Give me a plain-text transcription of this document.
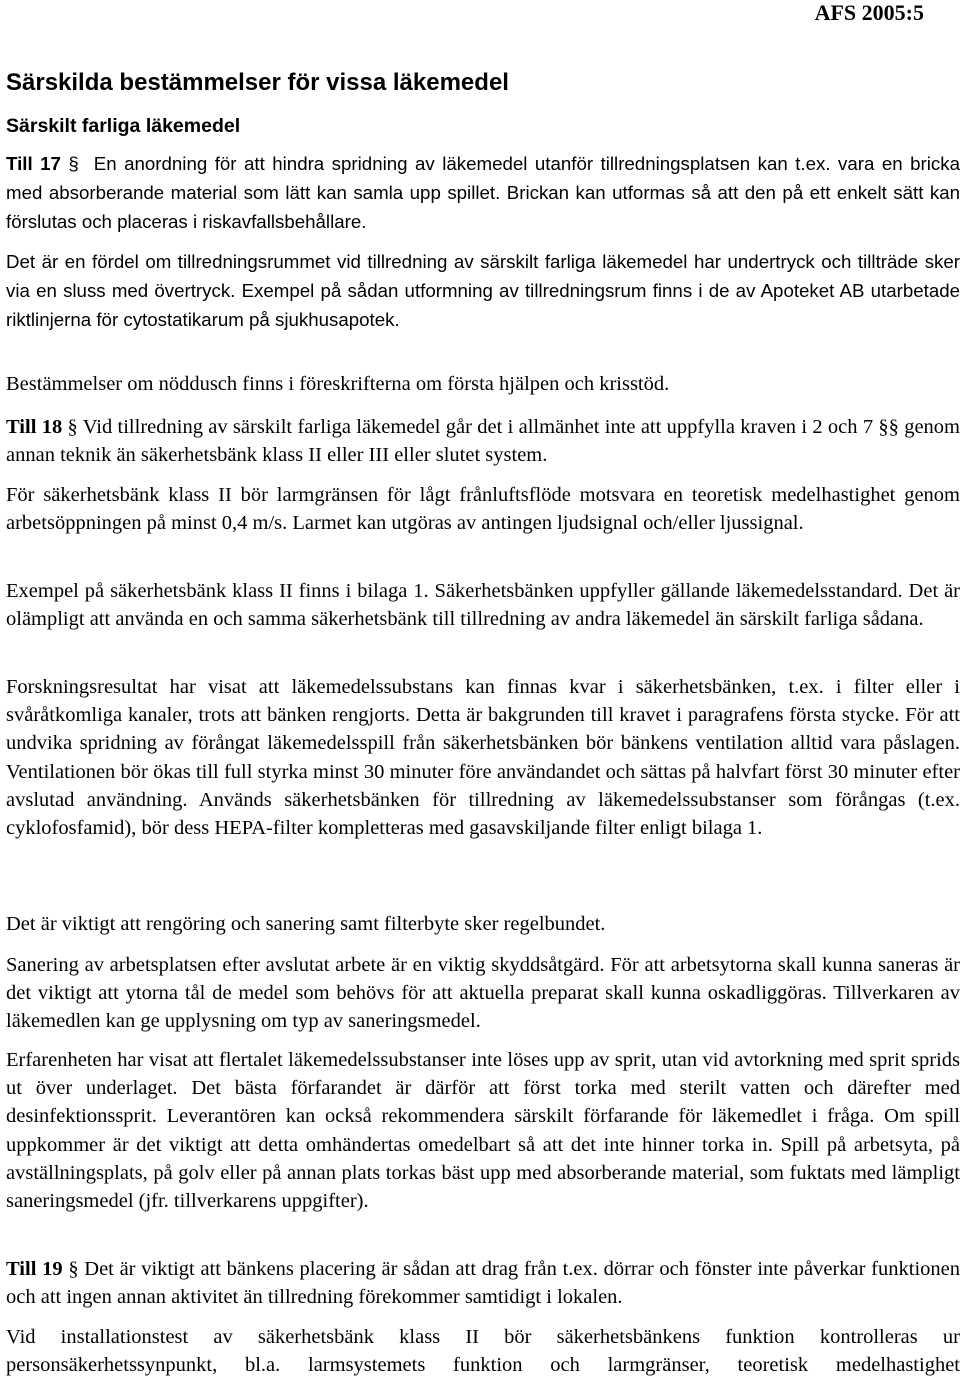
AFS 2005:5
Särskilda bestämmelser för vissa läkemedel
Särskilt farliga läkemedel

Till 17 §  En anordning för att hindra spridning av läkemedel utanför tillredningsplatsen kan t.ex. vara en bricka med absorberande material som lätt kan samla upp spillet. Brickan kan utformas så att den på ett enkelt sätt kan förslutas och placeras i riskavfallsbehållare.

Det är en fördel om tillredningsrummet vid tillredning av särskilt farliga läkemedel har undertryck och tillträde sker via en sluss med övertryck. Exempel på sådan utformning av tillredningsrum finns i de av Apoteket AB utarbetade riktlinjerna för cytostatikarum på sjukhusapotek.

Bestämmelser om nöddusch finns i föreskrifterna om första hjälpen och krisstöd.

Till 18 § Vid tillredning av särskilt farliga läkemedel går det i allmänhet inte att uppfylla kraven i 2 och 7 §§ genom annan teknik än säkerhetsbänk klass II eller III eller slutet system.

För säkerhetsbänk klass II bör larmgränsen för lågt frånluftsflöde motsvara en teoretisk medelhastighet genom arbetsöppningen på minst 0,4 m/s. Larmet kan utgöras av antingen ljudsignal och/eller ljussignal.

Exempel på säkerhetsbänk klass II finns i bilaga 1. Säkerhetsbänken uppfyller gällande läkemedelsstandard. Det är olämpligt att använda en och samma säkerhetsbänk till tillredning av andra läkemedel än särskilt farliga sådana.

Forskningsresultat har visat att läkemedelssubstans kan finnas kvar i säkerhetsbänken, t.ex. i filter eller i svåråtkomliga kanaler, trots att bänken rengjorts. Detta är bakgrunden till kravet i paragrafens första stycke. För att undvika spridning av förångat läkemedelsspill från säkerhetsbänken bör bänkens ventilation alltid vara påslagen. Ventilationen bör ökas till full styrka minst 30 minuter före användandet och sättas på halvfart först 30 minuter efter avslutad användning. Används säkerhetsbänken för tillredning av läkemedelssubstanser som förångas (t.ex. cyklofosfamid), bör dess HEPA-filter kompletteras med gasavskiljande filter enligt bilaga 1.

Det är viktigt att rengöring och sanering samt filterbyte sker regelbundet.

Sanering av arbetsplatsen efter avslutat arbete är en viktig skyddsåtgärd. För att arbetsytorna skall kunna saneras är det viktigt att ytorna tål de medel som behövs för att aktuella preparat skall kunna oskadliggöras. Tillverkaren av läkemedlen kan ge upplysning om typ av saneringsmedel.

Erfarenheten har visat att flertalet läkemedelssubstanser inte löses upp av sprit, utan vid avtorkning med sprit sprids ut över underlaget. Det bästa förfarandet är därför att först torka med sterilt vatten och därefter med desinfektionssprit. Leverantören kan också rekommendera särskilt förfarande för läkemedlet i fråga. Om spill uppkommer är det viktigt att detta omhändertas omedelbart så att det inte hinner torka in. Spill på arbetsyta, på avställningsplats, på golv eller på annan plats torkas bäst upp med absorberande material, som fuktats med lämpligt saneringsmedel (jfr. tillverkarens uppgifter).

Till 19 § Det är viktigt att bänkens placering är sådan att drag från t.ex. dörrar och fönster inte påverkar funktionen och att ingen annan aktivitet än tillredning förekommer samtidigt i lokalen.

Vid installationstest av säkerhetsbänk klass II bör säkerhetsbänkens funktion kontrolleras ur personsäkerhetssynpunkt, bl.a. larmsystemets funktion och larmgränser, teoretisk medelhastighet
